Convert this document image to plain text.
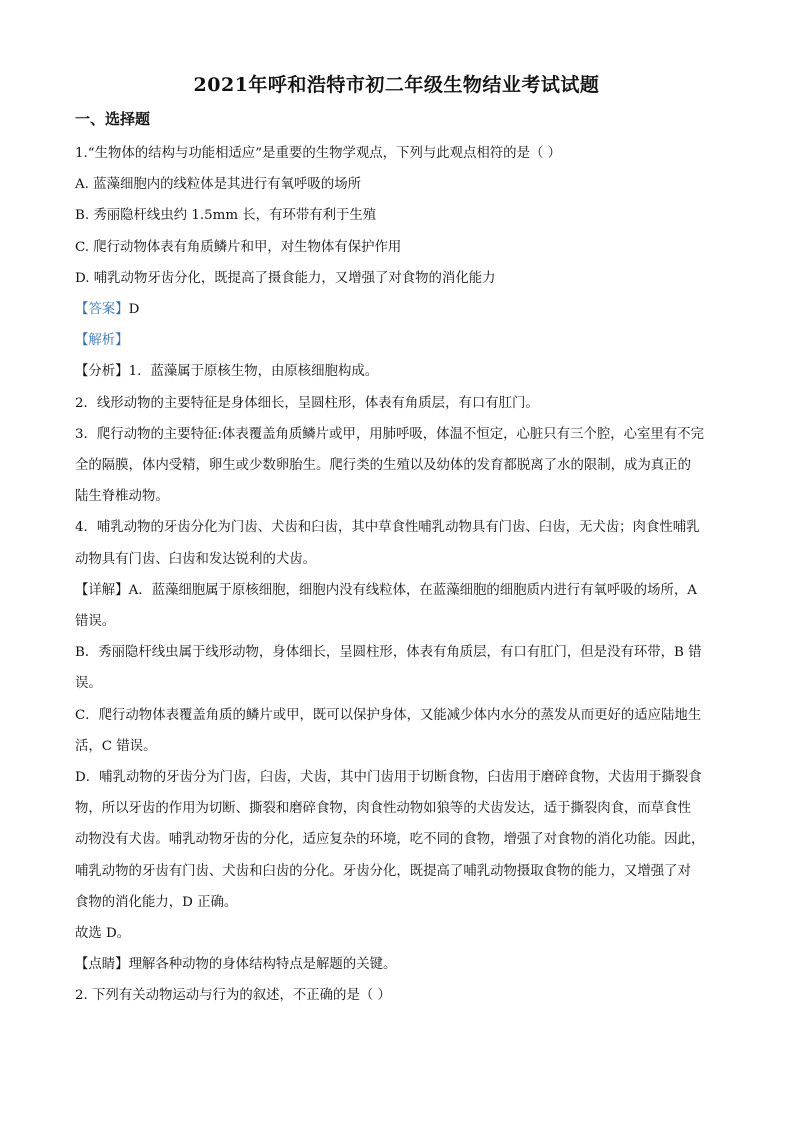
2021年呼和浩特市初二年级生物结业考试试题
一、选择题

1.“生物体的结构与功能相适应”是重要的生物学观点，下列与此观点相符的是（ ）

A. 蓝藻细胞内的线粒体是其进行有氧呼吸的场所

B. 秀丽隐杆线虫约 1.5mm 长，有环带有利于生殖

C. 爬行动物体表有角质鳞片和甲，对生物体有保护作用

D. 哺乳动物牙齿分化，既提高了摄食能力，又增强了对食物的消化能力

【答案】D

【解析】

【分析】1．蓝藻属于原核生物，由原核细胞构成。

2．线形动物的主要特征是身体细长，呈圆柱形，体表有角质层，有口有肛门。

3．爬行动物的主要特征:体表覆盖角质鳞片或甲，用肺呼吸，体温不恒定，心脏只有三个腔，心室里有不完

全的隔膜，体内受精，卵生或少数卵胎生。爬行类的生殖以及幼体的发育都脱离了水的限制，成为真正的

陆生脊椎动物。

4．哺乳动物的牙齿分化为门齿、犬齿和臼齿，其中草食性哺乳动物具有门齿、臼齿，无犬齿；肉食性哺乳

动物具有门齿、臼齿和发达锐利的犬齿。

【详解】A．蓝藻细胞属于原核细胞，细胞内没有线粒体，在蓝藻细胞的细胞质内进行有氧呼吸的场所，A

错误。

B．秀丽隐杆线虫属于线形动物，身体细长，呈圆柱形，体表有角质层，有口有肛门，但是没有环带，B 错

误。

C．爬行动物体表覆盖角质的鳞片或甲，既可以保护身体，又能减少体内水分的蒸发从而更好的适应陆地生

活，C 错误。

D．哺乳动物的牙齿分为门齿，臼齿，犬齿，其中门齿用于切断食物，臼齿用于磨碎食物，犬齿用于撕裂食

物，所以牙齿的作用为切断、撕裂和磨碎食物，肉食性动物如狼等的犬齿发达，适于撕裂肉食，而草食性

动物没有犬齿。哺乳动物牙齿的分化，适应复杂的环境，吃不同的食物，增强了对食物的消化功能。因此，

哺乳动物的牙齿有门齿、犬齿和臼齿的分化。牙齿分化，既提高了哺乳动物摄取食物的能力，又增强了对

食物的消化能力，D 正确。

故选 D。

【点睛】理解各种动物的身体结构特点是解题的关键。

2. 下列有关动物运动与行为的叙述，不正确的是（ ）
